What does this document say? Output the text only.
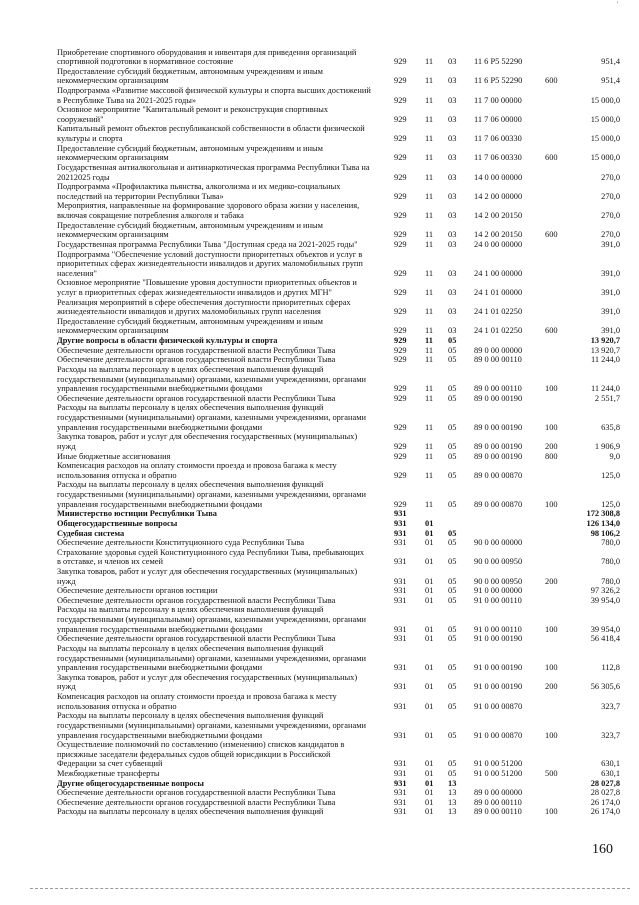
'
Приобретение спортивного оборудования и инвентаря для приведения организаций
спортивной подготовки в нормативное состояние	929	11	03	11 6 P5 52290	951,4
Предоставление субсидий бюджетным, автономным учреждениям и иным
некоммерческим организациям	929	11	03	11 6 P5 52290	600	951,4
Подпрограмма «Развитие массовой физической культуры и спорта высших достижений
в Республике Тыва на 2021-2025 годы»	929	11	03	11 7 00 00000	15 000,0
Основное мероприятие "Капитальный ремонт и реконструкция спортивных
сооружений"	929	11	03	11 7 06 00000	15 000,0
Капитальный ремонт объектов республиканской собственности в области физической
культуры и спорта	929	11	03	11 7 06 00330	15 000,0
Предоставление субсидий бюджетным, автономным учреждениям и иным
некоммерческим организациям	929	11	03	11 7 06 00330	600	15 000,0
Государственная антиалкогольная и антинаркотическая программа Республики Тыва на
20212025 годы	929	11	03	14 0 00 00000	270,0
Подпрограмма «Профилактика пьянства, алкоголизма и их медико-социальных
последствий на территории Республики Тыва»	929	11	03	14 2 00 00000	270,0
Мероприятия, направленные на формирование здорового образа жизни у населения,
включая сокращение потребления алкоголя и табака	929	11	03	14 2 00 20150	270,0
Предоставление субсидий бюджетным, автономным учреждениям и иным
некоммерческим организациям	929	11	03	14 2 00 20150	600	270,0
Государственная программа Республики Тыва "Доступная среда на 2021-2025 годы"	929	11	03	24 0 00 00000	391,0
Подпрограмма "Обеспечение условий доступности приоритетных объектов и услуг в
приоритетных сферах жизнедеятельности инвалидов и других маломобильных групп
населения"	929	11	03	24 1 00 00000	391,0
Основное мероприятие "Повышение уровня доступности приоритетных объектов и
услуг в приоритетных сферах жизнедеятельности инвалидов и других МГН"	929	11	03	24 1 01 00000	391,0
Реализация мероприятий в сфере обеспечения доступности приоритетных сферах
жизнедеятельности инвалидов и других маломобильных групп населения	929	11	03	24 1 01 02250	391,0
Предоставление субсидий бюджетным, автономным учреждениям и иным
некоммерческим организациям	929	11	03	24 1 01 02250	600	391,0
Другие вопросы в области физической культуры и спорта	929	11	05	13 920,7
Обеспечение деятельности органов государственной власти Республики Тыва	929	11	05	89 0 00 00000	13 920,7
Обеспечение деятельности органов государственной власти Республики Тыва	929	11	05	89 0 00 00110	11 244,0
Расходы на выплаты персоналу в целях обеспечения выполнения функций
государственными (муниципальными) органами, казенными учреждениями, органами
управления государственными внебюджетными фондами	929	11	05	89 0 00 00110	100	11 244,0
Обеспечение деятельности органов государственной власти Республики Тыва	929	11	05	89 0 00 00190	2 551,7
Расходы на выплаты персоналу в целях обеспечения выполнения функций
государственными (муниципальными) органами, казенными учреждениями, органами
управления государственными внебюджетными фондами	929	11	05	89 0 00 00190	100	635,8
Закупка товаров, работ и услуг для обеспечения государственных (муниципальных)
нужд	929	11	05	89 0 00 00190	200	1 906,9
Иные бюджетные ассигнования	929	11	05	89 0 00 00190	800	9,0
Компенсация расходов на оплату стоимости проезда и провоза багажа к месту
использования отпуска и обратно	929	11	05	89 0 00 00870	125,0
Расходы на выплаты персоналу в целях обеспечения выполнения функций
государственными (муниципальными) органами, казенными учреждениями, органами
управления государственными внебюджетными фондами	929	11	05	89 0 00 00870	100	125,0
Министерство юстиции Республики Тыва	931	172 308,8
Общегосударственные вопросы	931	01	126 134,0
Судебная система	931	01	05	98 106,2
Обеспечение деятельности Конституционного суда Республики Тыва	931	01	05	90 0 00 00000	780,0
Страхование здоровья судей Конституционного суда Республики Тыва, пребывающих
в отставке, и членов их семей	931	01	05	90 0 00 00950	780,0
Закупка товаров, работ и услуг для обеспечения государственных (муниципальных)
нужд	931	01	05	90 0 00 00950	200	780,0
Обеспечение деятельности органов юстиции	931	01	05	91 0 00 00000	97 326,2
Обеспечение деятельности органов государственной власти Республики Тыва	931	01	05	91 0 00 00110	39 954,0
Расходы на выплаты персоналу в целях обеспечения выполнения функций
государственными (муниципальными) органами, казенными учреждениями, органами
управления государственными внебюджетными фондами	931	01	05	91 0 00 00110	100	39 954,0
Обеспечение деятельности органов государственной власти Республики Тыва	931	01	05	91 0 00 00190	56 418,4
Расходы на выплаты персоналу в целях обеспечения выполнения функций
государственными (муниципальными) органами, казенными учреждениями, органами
управления государственными внебюджетными фондами	931	01	05	91 0 00 00190	100	112,8
Закупка товаров, работ и услуг для обеспечения государственных (муниципальных)
нужд	931	01	05	91 0 00 00190	200	56 305,6
Компенсация расходов на оплату стоимости проезда и провоза багажа к месту
использования отпуска и обратно	931	01	05	91 0 00 00870	323,7
Расходы на выплаты персоналу в целях обеспечения выполнения функций
государственными (муниципальными) органами, казенными учреждениями, органами
управления государственными внебюджетными фондами	931	01	05	91 0 00 00870	100	323,7
Осуществление полномочий по составлению (изменению) списков кандидатов в
присяжные заседатели федеральных судов общей юрисдикции в Российской
Федерации за счет субвенций	931	01	05	91 0 00 51200	630,1
Межбюджетные трансферты	931	01	05	91 0 00 51200	500	630,1
Другие общегосударственные вопросы	931	01	13	28 027,8
Обеспечение деятельности органов государственной власти Республики Тыва	931	01	13	89 0 00 00000	28 027,8
Обеспечение деятельности органов государственной власти Республики Тыва	931	01	13	89 0 00 00110	26 174,0
Расходы на выплаты персоналу в целях обеспечения выполнения функций	931	01	13	89 0 00 00110	100	26 174,0
160
